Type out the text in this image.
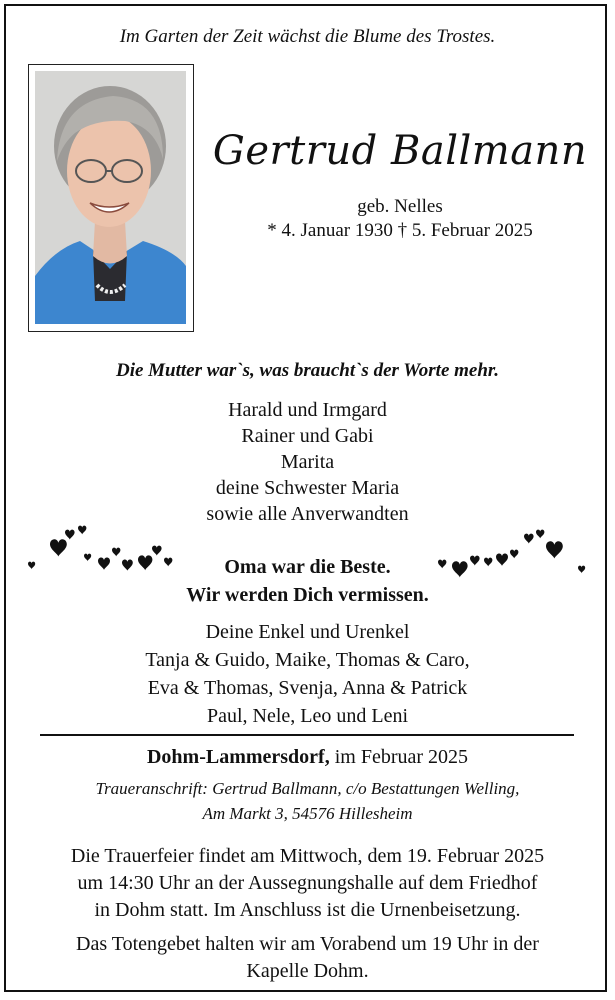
Im Garten der Zeit wächst die Blume des Trostes.
Gertrud Ballmann
geb. Nelles
* 4. Januar 1930 † 5. Februar 2025
Die Mutter war`s, was braucht`s der Worte mehr.
Harald und Irmgard
Rainer und Gabi
Marita
deine Schwester Maria
sowie alle Anverwandten
Oma war die Beste.
Wir werden Dich vermissen.
Deine Enkel und Urenkel
Tanja & Guido, Maike, Thomas & Caro,
Eva & Thomas, Svenja, Anna & Patrick
Paul, Nele, Leo und Leni
Dohm-Lammersdorf, im Februar 2025
Traueranschrift: Gertrud Ballmann, c/o Bestattungen Welling,
Am Markt 3, 54576 Hillesheim
Die Trauerfeier findet am Mittwoch, dem 19. Februar 2025
um 14:30 Uhr an der Aussegnungshalle auf dem Friedhof
in Dohm statt. Im Anschluss ist die Urnenbeisetzung.
Das Totengebet halten wir am Vorabend um 19 Uhr in der
Kapelle Dohm.
